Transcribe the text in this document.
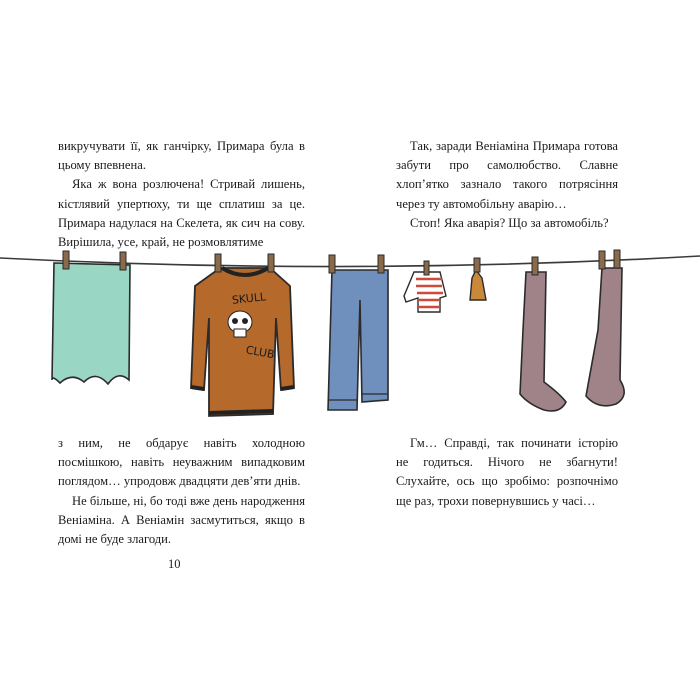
викручувати її, як ганчірку, Примара була в цьому впевнена.

Яка ж вона розлючена! Стривай лишень, кістлявий упертюху, ти ще сплатиш за це. Примара надулася на Скелета, як сич на сову. Вирішила, усе, край, не розмовлятиме

Так, заради Веніаміна Примара готова забути про самолюбство. Славне хлоп’ятко зазнало такого потрясіння через ту автомобільну аварію…

Стоп! Яка аварія? Що за автомобіль?

SKULL
CLUB

з ним, не обдарує навіть холодною посмішкою, навіть неуважним випадковим поглядом… упродовж двадцяти дев’яти днів.

Не більше, ні, бо тоді вже день народження Веніаміна. А Веніамін засмутиться, якщо в домі не буде злагоди.

Гм… Справді, так починати історію не годиться. Нічого не збагнути! Слухайте, ось що зробімо: розпочнімо ще раз, трохи повернувшись у часі…

10
